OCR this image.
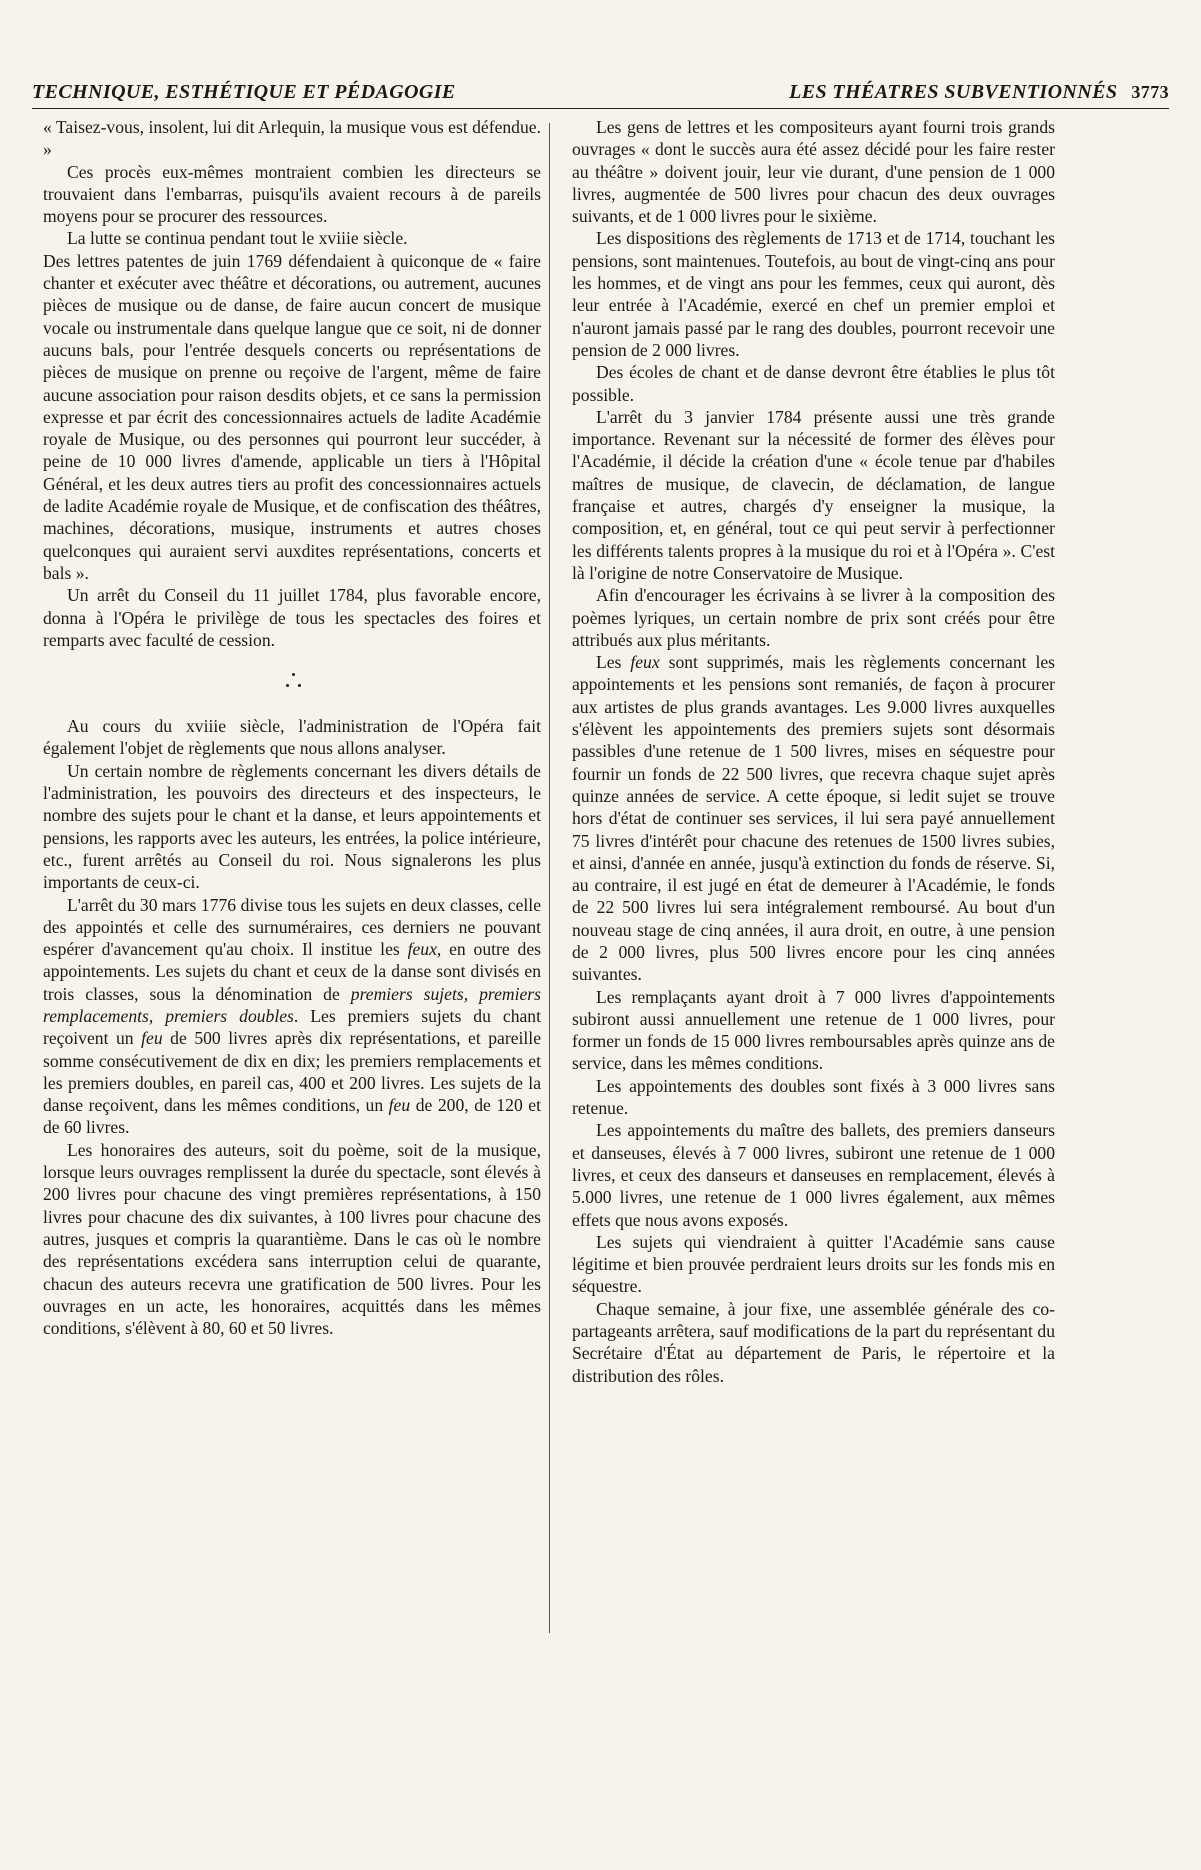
TECHNIQUE, ESTHÉTIQUE ET PÉDAGOGIE	LES THÉATRES SUBVENTIONNÉS 3773

« Taisez-vous, insolent, lui dit Arlequin, la musique vous est défendue. »

Ces procès eux-mêmes montraient combien les directeurs se trouvaient dans l'embarras, puisqu'ils avaient recours à de pareils moyens pour se procurer des ressources.

La lutte se continua pendant tout le xviiie siècle.

Des lettres patentes de juin 1769 défendaient à quiconque de « faire chanter et exécuter avec théâtre et décorations, ou autrement, aucunes pièces de musique ou de danse, de faire aucun concert de musique vocale ou instrumentale dans quelque langue que ce soit, ni de donner aucuns bals, pour l'entrée desquels concerts ou représentations de pièces de musique on prenne ou reçoive de l'argent, même de faire aucune association pour raison desdits objets, et ce sans la permission expresse et par écrit des concessionnaires actuels de ladite Académie royale de Musique, ou des personnes qui pourront leur succéder, à peine de 10 000 livres d'amende, applicable un tiers à l'Hôpital Général, et les deux autres tiers au profit des concessionnaires actuels de ladite Académie royale de Musique, et de confiscation des théâtres, machines, décorations, musique, instruments et autres choses quelconques qui auraient servi auxdites représentations, concerts et bals ».

Un arrêt du Conseil du 11 juillet 1784, plus favorable encore, donna à l'Opéra le privilège de tous les spectacles des foires et remparts avec faculté de cession.

Au cours du xviiie siècle, l'administration de l'Opéra fait également l'objet de règlements que nous allons analyser.

Un certain nombre de règlements concernant les divers détails de l'administration, les pouvoirs des directeurs et des inspecteurs, le nombre des sujets pour le chant et la danse, et leurs appointements et pensions, les rapports avec les auteurs, les entrées, la police intérieure, etc., furent arrêtés au Conseil du roi. Nous signalerons les plus importants de ceux-ci.

L'arrêt du 30 mars 1776 divise tous les sujets en deux classes, celle des appointés et celle des surnuméraires, ces derniers ne pouvant espérer d'avancement qu'au choix. Il institue les feux, en outre des appointements. Les sujets du chant et ceux de la danse sont divisés en trois classes, sous la dénomination de premiers sujets, premiers remplacements, premiers doubles. Les premiers sujets du chant reçoivent un feu de 500 livres après dix représentations, et pareille somme consécutivement de dix en dix; les premiers remplacements et les premiers doubles, en pareil cas, 400 et 200 livres. Les sujets de la danse reçoivent, dans les mêmes conditions, un feu de 200, de 120 et de 60 livres.

Les honoraires des auteurs, soit du poème, soit de la musique, lorsque leurs ouvrages remplissent la durée du spectacle, sont élevés à 200 livres pour chacune des vingt premières représentations, à 150 livres pour chacune des dix suivantes, à 100 livres pour chacune des autres, jusques et compris la quarantième. Dans le cas où le nombre des représentations excédera sans interruption celui de quarante, chacun des auteurs recevra une gratification de 500 livres. Pour les ouvrages en un acte, les honoraires, acquittés dans les mêmes conditions, s'élèvent à 80, 60 et 50 livres.

Les gens de lettres et les compositeurs ayant fourni trois grands ouvrages « dont le succès aura été assez décidé pour les faire rester au théâtre » doivent jouir, leur vie durant, d'une pension de 1 000 livres, augmentée de 500 livres pour chacun des deux ouvrages suivants, et de 1 000 livres pour le sixième.

Les dispositions des règlements de 1713 et de 1714, touchant les pensions, sont maintenues. Toutefois, au bout de vingt-cinq ans pour les hommes, et de vingt ans pour les femmes, ceux qui auront, dès leur entrée à l'Académie, exercé en chef un premier emploi et n'auront jamais passé par le rang des doubles, pourront recevoir une pension de 2 000 livres.

Des écoles de chant et de danse devront être établies le plus tôt possible.

L'arrêt du 3 janvier 1784 présente aussi une très grande importance. Revenant sur la nécessité de former des élèves pour l'Académie, il décide la création d'une « école tenue par d'habiles maîtres de musique, de clavecin, de déclamation, de langue française et autres, chargés d'y enseigner la musique, la composition, et, en général, tout ce qui peut servir à perfectionner les différents talents propres à la musique du roi et à l'Opéra ». C'est là l'origine de notre Conservatoire de Musique.

Afin d'encourager les écrivains à se livrer à la composition des poèmes lyriques, un certain nombre de prix sont créés pour être attribués aux plus méritants.

Les feux sont supprimés, mais les règlements concernant les appointements et les pensions sont remaniés, de façon à procurer aux artistes de plus grands avantages. Les 9.000 livres auxquelles s'élèvent les appointements des premiers sujets sont désormais passibles d'une retenue de 1 500 livres, mises en séquestre pour fournir un fonds de 22 500 livres, que recevra chaque sujet après quinze années de service. A cette époque, si ledit sujet se trouve hors d'état de continuer ses services, il lui sera payé annuellement 75 livres d'intérêt pour chacune des retenues de 1500 livres subies, et ainsi, d'année en année, jusqu'à extinction du fonds de réserve. Si, au contraire, il est jugé en état de demeurer à l'Académie, le fonds de 22 500 livres lui sera intégralement remboursé. Au bout d'un nouveau stage de cinq années, il aura droit, en outre, à une pension de 2 000 livres, plus 500 livres encore pour les cinq années suivantes.

Les remplaçants ayant droit à 7 000 livres d'appointements subiront aussi annuellement une retenue de 1 000 livres, pour former un fonds de 15 000 livres remboursables après quinze ans de service, dans les mêmes conditions.

Les appointements des doubles sont fixés à 3 000 livres sans retenue.

Les appointements du maître des ballets, des premiers danseurs et danseuses, élevés à 7 000 livres, subiront une retenue de 1 000 livres, et ceux des danseurs et danseuses en remplacement, élevés à 5.000 livres, une retenue de 1 000 livres également, aux mêmes effets que nous avons exposés.

Les sujets qui viendraient à quitter l'Académie sans cause légitime et bien prouvée perdraient leurs droits sur les fonds mis en séquestre.

Chaque semaine, à jour fixe, une assemblée générale des co-partageants arrêtera, sauf modifications de la part du représentant du Secrétaire d'État au département de Paris, le répertoire et la distribution des rôles.
